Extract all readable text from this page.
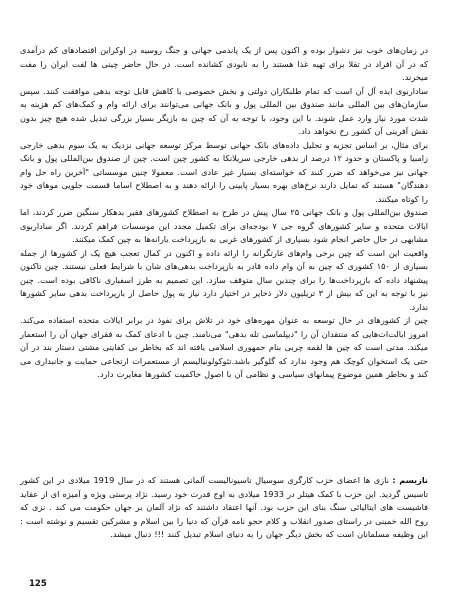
در زمان‌های خوب نیز دشوار بوده و اکنون پس از یک پاندمی جهانی و جنگ روسیه در اوکراین اقتصادهای کم درآمدی که در آن افراد در تقلا برای تهیه غذا هستند را به نابودی کشانده است. در حال حاضر چینی ها لفت ایران را مفت میخرند.

ساداربوی ایده آل آن است که تمام طلبکاران دولتی و بخش خصوصی با کاهش قابل توجه بدهی موافقت کنند. سپس سازمان‌های بین المللی مانند صندوق بین المللی پول و بانک جهانی می‌توانند برای ارائه وام و کمک‌های کم هزینه به شدت مورد نیاز وارد عمل شوند. با این وجود، با توجه به آن که چین به بازیگر بسیار بزرگی تبدیل شده هیچ چیز بدون نقش آفرینی آن کشور رخ نخواهد داد.

برای مثال، بر اساس تجزیه و تحلیل داده‌های بانک جهانی توسط مرکز توسعه جهانی نزدیک به یک سوم بدهی خارجی زامبیا و پاکستان و حدود ۱۲ درصد از بدهی خارجی سریلانکا به کشور چین است. چین از صندوق بین‌المللی پول و بانک جهانی نیز می‌خواهد که ضرر کنند که خواسته‌ای بسیار غیر عادی است. معمولا چنین موسساتی "آخرین راه حل وام دهندگان" هستند که تمایل دارند نرخ‌های بهره بسیار پایینی را ارائه دهند و به اصطلاح اساما قسمت جلویی موهای خود را کوتاه میکنند.

صندوق بین‌المللی پول و بانک جهانی ۲۵ سال پیش در طرح به اصطلاح کشورهای فقیر بدهکار سنگین ضرر کردند، اما ایالات متحده و سایر کشورهای گروه جی ۷ بودجه‌ای برای تکمیل مجدد این موسسات فراهم کردند. اگر ساداربوی مشابهی در حال حاضر انجام شود بسیاری از کشورهای غربی به بازپرداخت یارانه‌ها به چین کمک میکنند.

واقعیت این است که چین برخی وام‌های غارتگرانه را ارائه داده و اکنون در کمال تعجب هیچ یک از کشورها از جمله بسیاری از ۱۵۰ کشوری که چین به آن وام داده قادر به بازپرداخت بدهی‌های شان با شرایط فعلی نیستند. چین تاکنون پیشنهاد داده که بازپرداخت‌ها را برای چندین سال متوقف سازد. این تصمیم به طرز اسفباری ناکافی بوده است. چین نیز با توجه به این که بیش از ۳ تریلیون دلار ذخایر در اختیار دارد نیاز به پول حاصل از بازپرداخت بدهی سایر کشورها ندارد.

چین از کشورهای در حال توسعه به عنوان مهره‌های خود در تلاش برای نفوذ در برابر ایالات متحده استفاده می‌کند. امروز ایالت‌ات‌هایی که منتقدان آن را "دیپلماسی تله بدهی" می‌نامند. چین با ادعای کمک به فقرای جهان آن را استعمار میکند. مدتی است که چین ها لقمه چربی بنام جمهوری اسلامی یافته اند که بخاطر بی کفایتی مشتی دستار بند در آن حتی یک استخوان کوچک هم وجود ندارد که گلوگیر باشد.تئوکولونیالیسم از مستعمرات ارتجاعی حمایت و جانبداری می کند و بخاطر همین موضوع پیمانهای سیاسی و نظامی آن با اصول حاکمیت کشورها مغایرت دارد.

نازیسم : نازی ها اعضای حزب کارگری سوسیال ناسیونالیست آلمانی هستند که در سال 1919 میلادی در این کشور تاسیس گردید. این حزب با کمک هیتلر در 1933 میلادی به اوج قدرت خود رسید. نژاد پرستی ویژه و آمیزه ای از عقاید فاشیست های ایتالیائی سنگ بنای این حزب بود. آنها اعتقاد داشتند که نژاد آلمان بر جهان حکومت می کند . نزی که روح الله خمینی در راستای صدور انقلاب و کلام حجو نامه قرآن که دنیا را بین اسلام و مشرکین تقسیم و نوشته است : این وظیفه مسلمانان است که بخش دیگر جهان را به دنیای اسلام تبدیل کنند !!! دنبال میشد.

125
